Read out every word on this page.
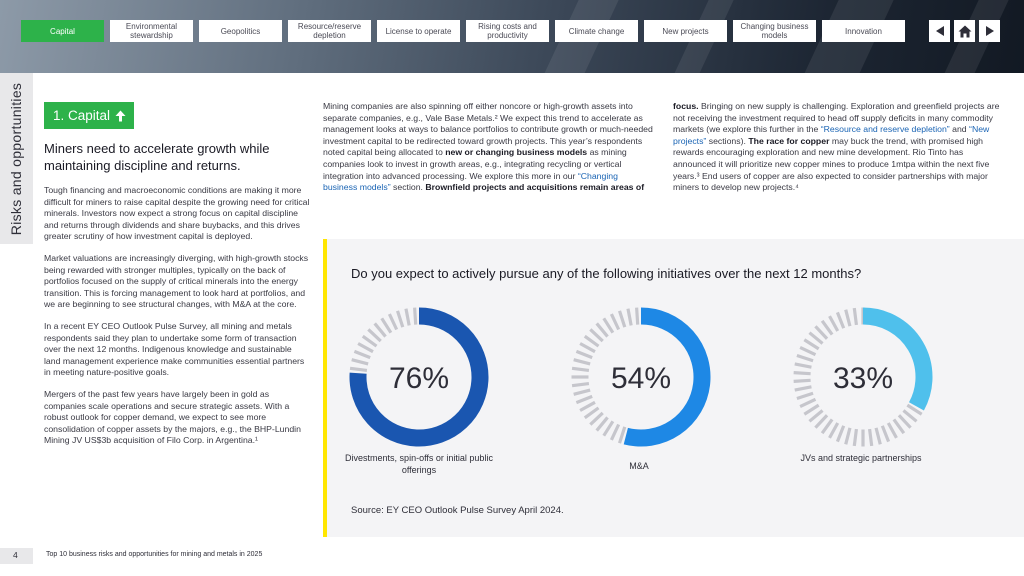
Capital	Environmental stewardship	Geopolitics	Resource/reserve depletion	License to operate	Rising costs and productivity	Climate change	New projects	Changing business models	Innovation
Risks and opportunities 1. Capital
Miners need to accelerate growth while maintaining discipline and returns.

Tough financing and macroeconomic conditions are making it more difficult for miners to raise capital despite the growing need for critical minerals. Investors now expect a strong focus on capital discipline and returns through dividends and share buybacks, and this drives greater scrutiny of how investment capital is deployed.

Market valuations are increasingly diverging, with high-growth stocks being rewarded with stronger multiples, typically on the back of portfolios focused on the supply of critical minerals into the energy transition. This is forcing management to look hard at portfolios, and we are beginning to see structural changes, with M&A at the core.

In a recent EY CEO Outlook Pulse Survey, all mining and metals respondents said they plan to undertake some form of transaction over the next 12 months. Indigenous knowledge and sustainable land management experience make communities essential partners in meeting nature-positive goals.

Mergers of the past few years have largely been in gold as companies scale operations and secure strategic assets. With a robust outlook for copper demand, we expect to see more consolidation of copper assets by the majors, e.g., the BHP-Lundin Mining JV US$3b acquisition of Filo Corp. in Argentina.¹

Mining companies are also spinning off either noncore or high-growth assets into separate companies, e.g., Vale Base Metals.² We expect this trend to accelerate as management looks at ways to balance portfolios to contribute growth or much-needed investment capital to be redirected toward growth projects. This year’s respondents noted capital being allocated to new or changing business models as mining companies look to invest in growth areas, e.g., integrating recycling or vertical integration into advanced processing. We explore this more in our “Changing business models” section. Brownfield projects and acquisitions remain areas of
focus. Bringing on new supply is challenging. Exploration and greenfield projects are not receiving the investment required to head off supply deficits in many commodity markets (we explore this further in the “Resource and reserve depletion” and “New projects” sections). The race for copper may buck the trend, with promised high rewards encouraging exploration and new mine development. Rio Tinto has announced it will prioritize new copper mines to produce 1mtpa within the next five years.³ End users of copper are also expected to consider partnerships with major miners to develop new projects.⁴
Do you expect to actively pursue any of the following initiatives over the next 12 months?
76%	54%	33%
Divestments, spin-offs or initial public offerings	M&A
JVs and strategic partnerships
Source: EY CEO Outlook Pulse Survey April 2024.
4	Top 10 business risks and opportunities for mining and metals in 2025
